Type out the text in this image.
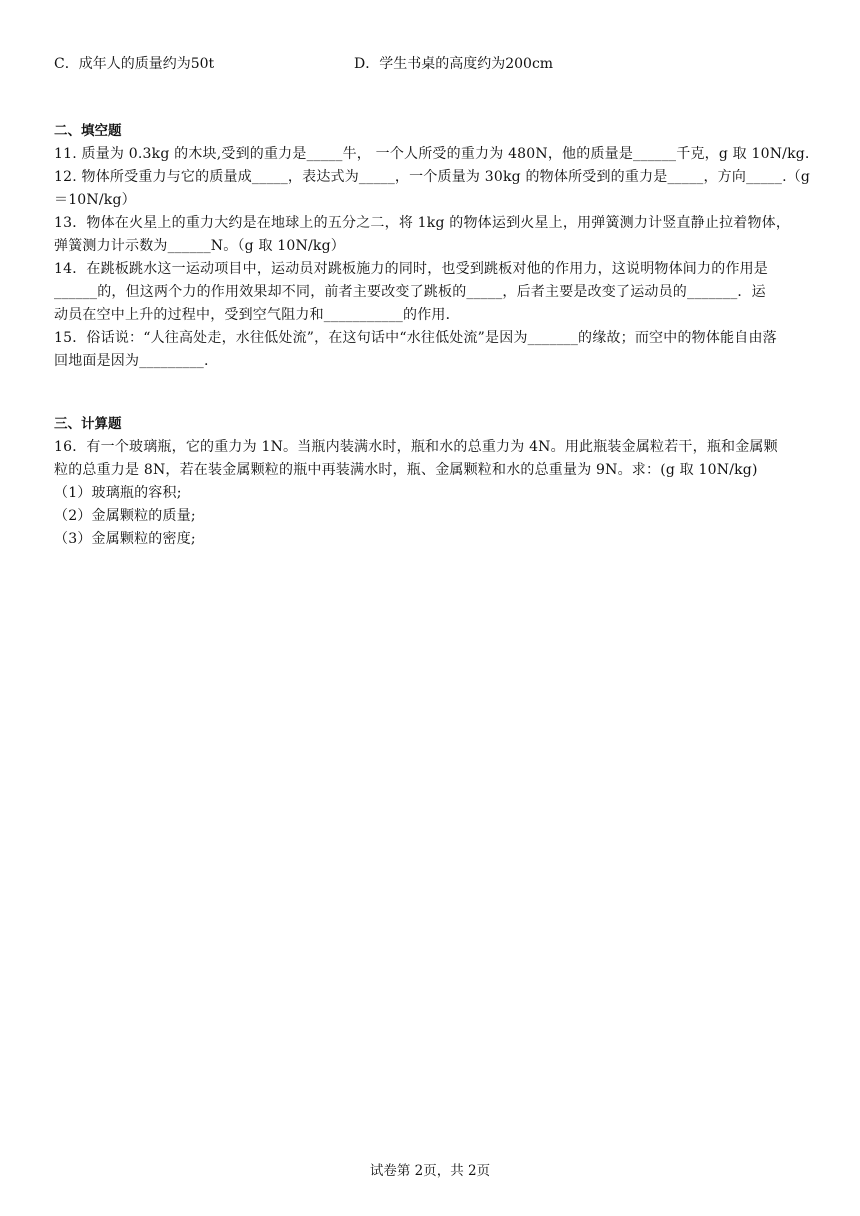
C．成年人的质量约为50t	D．学生书桌的高度约为200cm
二、填空题
11. 质量为 0.3kg 的木块,受到的重力是_____牛， 一个人所受的重力为 480N，他的质量是______千克，g 取 10N/kg.
12. 物体所受重力与它的质量成_____，表达式为_____，一个质量为 30kg 的物体所受到的重力是_____，方向_____.（g
＝10N/kg）
13．物体在火星上的重力大约是在地球上的五分之二，将 1kg 的物体运到火星上，用弹簧测力计竖直静止拉着物体，
弹簧测力计示数为______N。（g 取 10N/kg）
14．在跳板跳水这一运动项目中，运动员对跳板施力的同时，也受到跳板对他的作用力，这说明物体间力的作用是
______的，但这两个力的作用效果却不同，前者主要改变了跳板的_____，后者主要是改变了运动员的_______．运
动员在空中上升的过程中，受到空气阻力和___________的作用．
15．俗话说：“人往高处走，水往低处流”，在这句话中“水往低处流”是因为_______的缘故；而空中的物体能自由落
回地面是因为_________.
三、计算题
16．有一个玻璃瓶，它的重力为 1N。当瓶内装满水时，瓶和水的总重力为 4N。用此瓶装金属粒若干，瓶和金属颗
粒的总重力是 8N，若在装金属颗粒的瓶中再装满水时，瓶、金属颗粒和水的总重量为 9N。求：(g 取 10N/kg)
（1）玻璃瓶的容积;
（2）金属颗粒的质量;
（3）金属颗粒的密度;
试卷第 2页，共 2页
